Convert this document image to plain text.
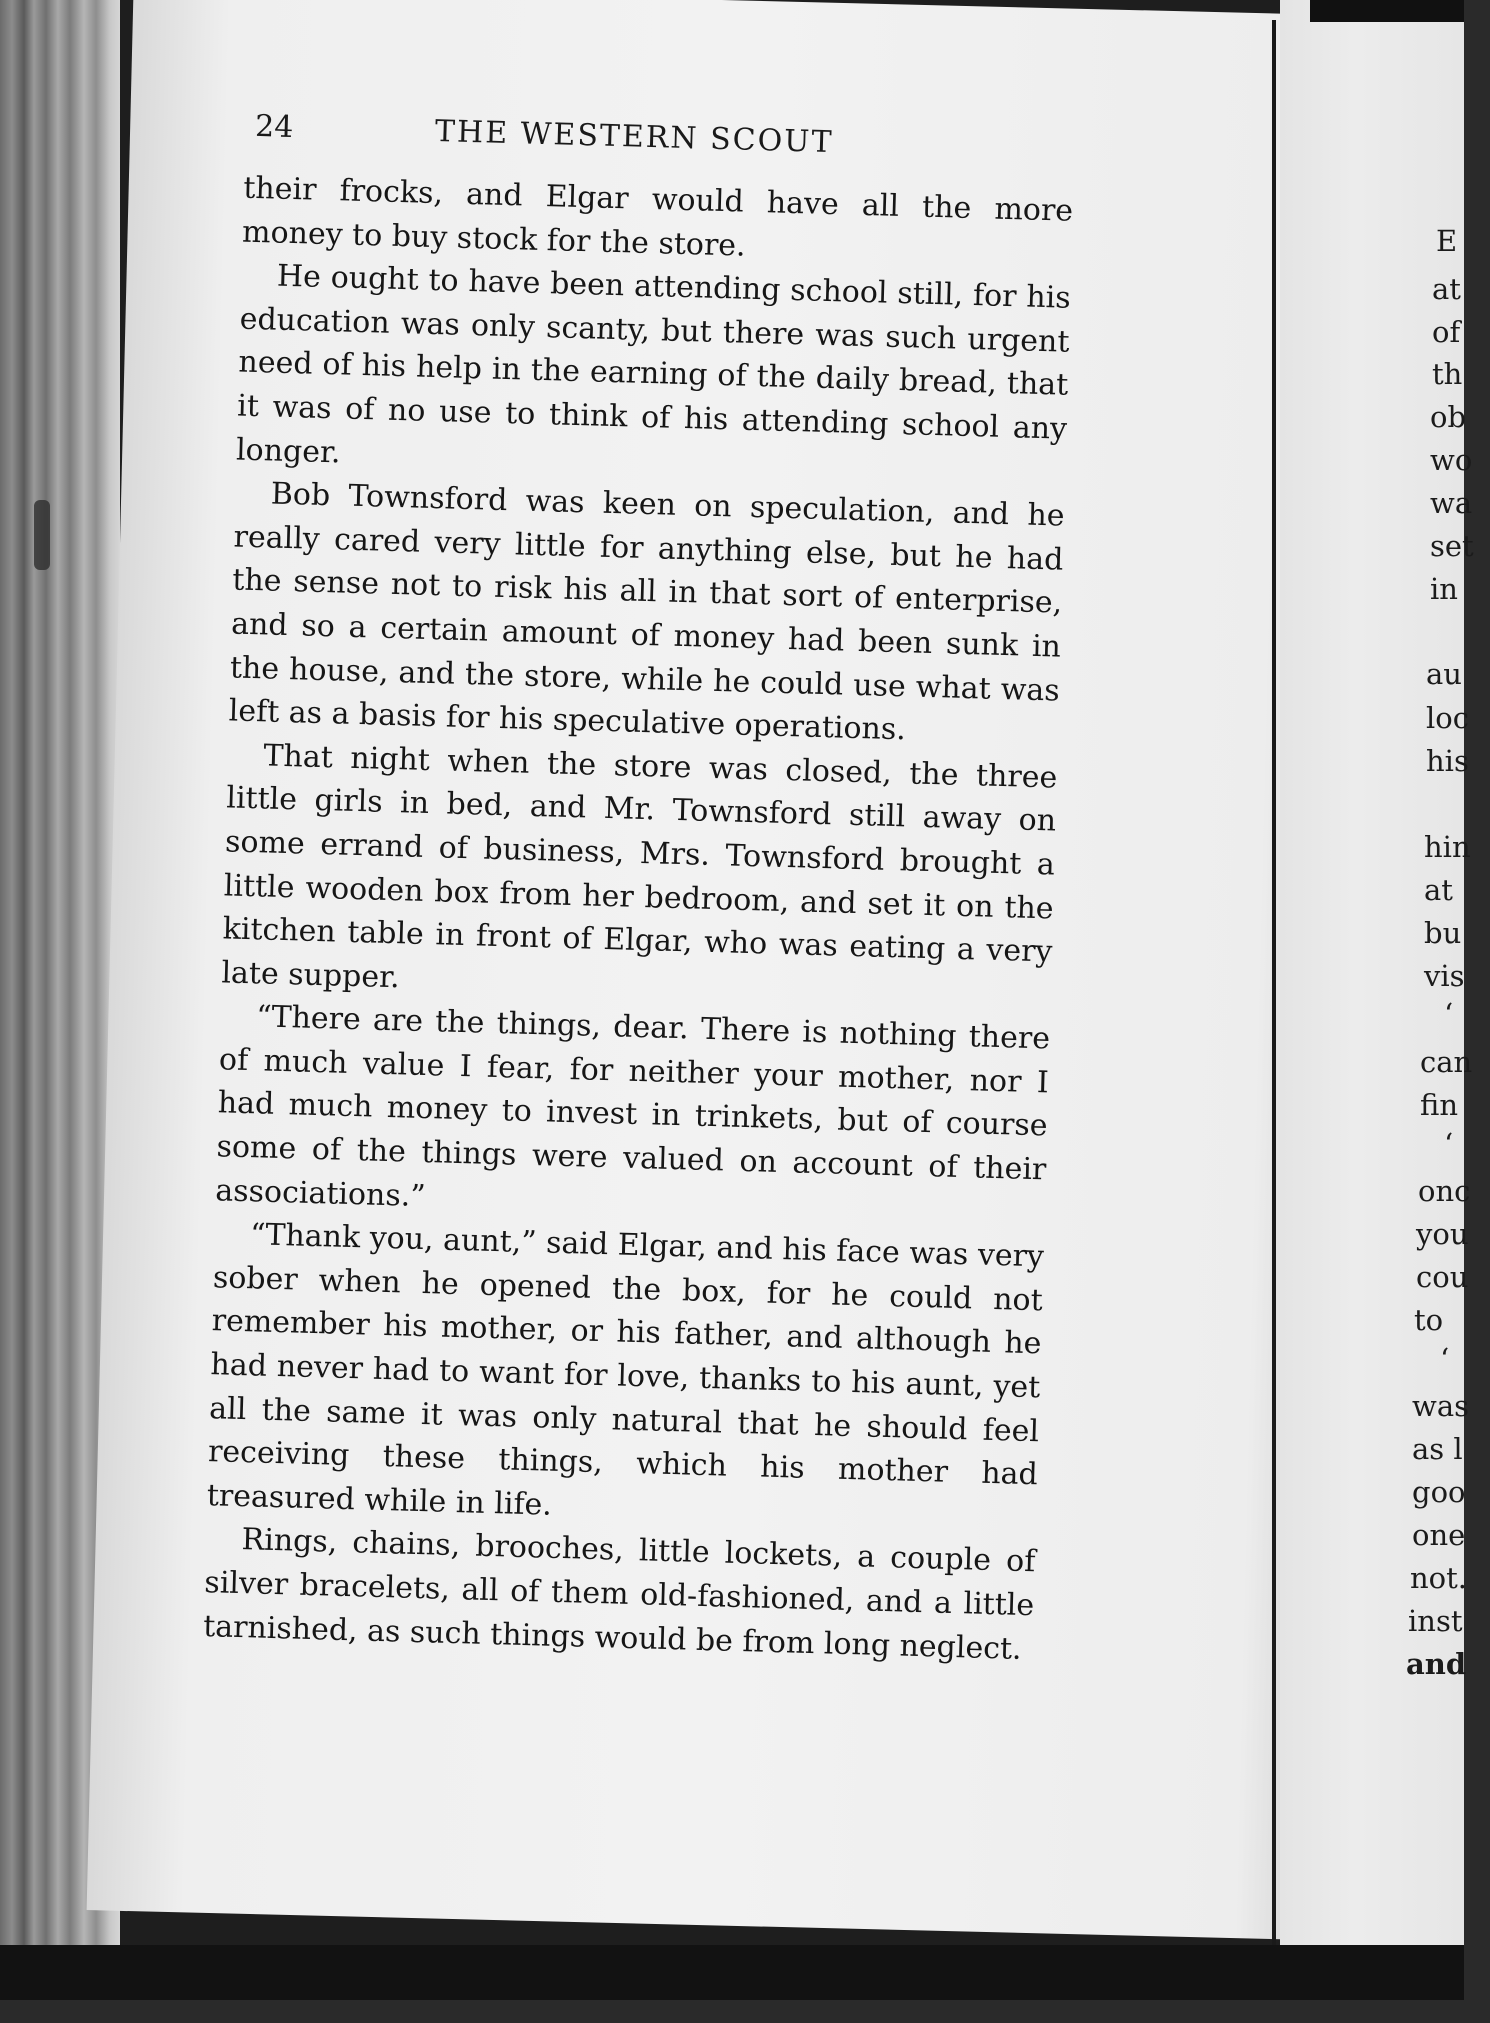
E
at
of
th
ob
wo
wa
set
in
au
loc
his
hin
at
bu
vis
‘
can
fin
‘
onc
you
cou
to
‘
was
as l
goo
one
not.
inst
and
24	THE WESTERN SCOUT

their frocks, and Elgar would have all the more money to buy stock for the store.

He ought to have been attending school still, for his education was only scanty, but there was such urgent need of his help in the earning of the daily bread, that it was of no use to think of his attending school any longer.

Bob Townsford was keen on speculation, and he really cared very little for anything else, but he had the sense not to risk his all in that sort of enterprise, and so a certain amount of money had been sunk in the house, and the store, while he could use what was left as a basis for his speculative operations.

That night when the store was closed, the three little girls in bed, and Mr. Townsford still away on some errand of business, Mrs. Townsford brought a little wooden box from her bedroom, and set it on the kitchen table in front of Elgar, who was eating a very late supper.

“There are the things, dear. There is nothing there of much value I fear, for neither your mother, nor I had much money to invest in trinkets, but of course some of the things were valued on account of their associations.”

“Thank you, aunt,” said Elgar, and his face was very sober when he opened the box, for he could not remember his mother, or his father, and although he had never had to want for love, thanks to his aunt, yet all the same it was only natural that he should feel receiving these things, which his mother had treasured while in life.

Rings, chains, brooches, little lockets, a couple of silver bracelets, all of them old-fashioned, and a little tarnished, as such things would be from long neglect.
